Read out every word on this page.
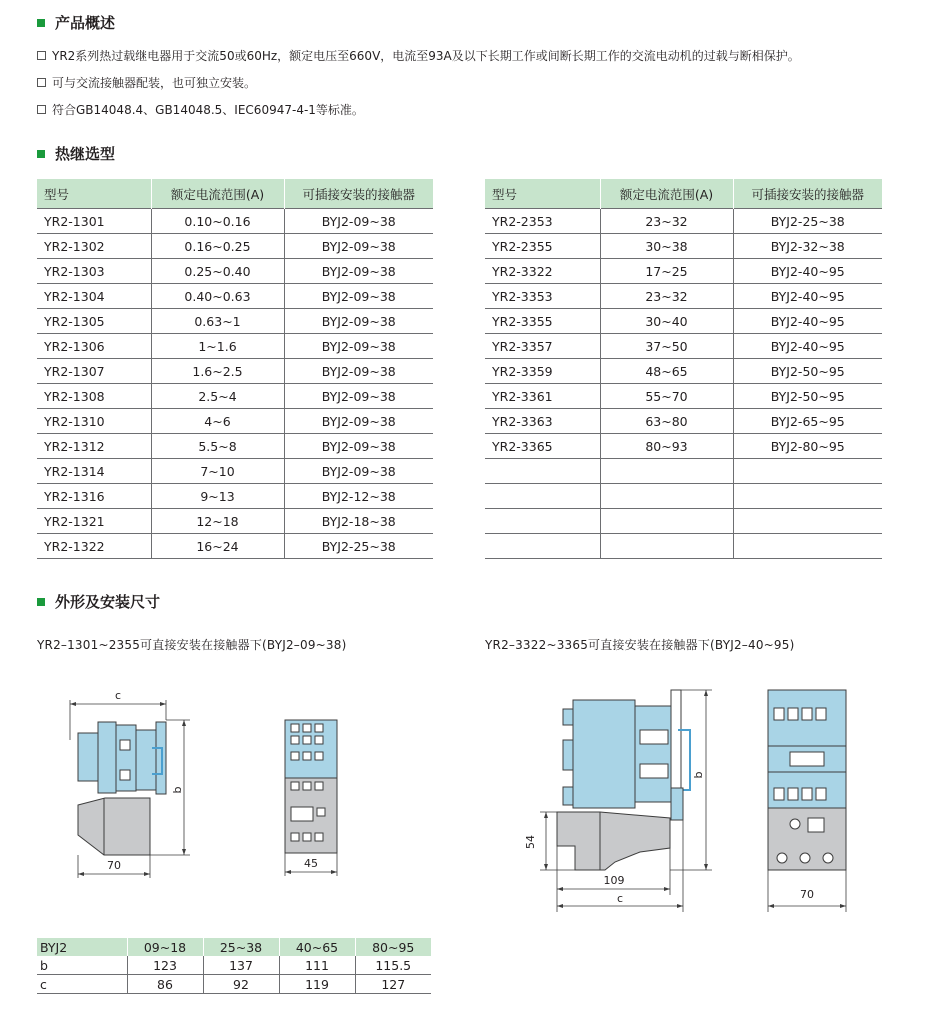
产品概述
YR2系列热过载继电器用于交流50或60Hz，额定电压至660V，电流至93A及以下长期工作或间断长期工作的交流电动机的过载与断相保护。
可与交流接触器配装，也可独立安装。
符合GB14048.4、GB14048.5、IEC60947-4-1等标准。
热继选型
型号	额定电流范围(A)	可插接安装的接触器
YR2-1301	0.10~0.16	BYJ2-09~38
YR2-1302	0.16~0.25	BYJ2-09~38
YR2-1303	0.25~0.40	BYJ2-09~38
YR2-1304	0.40~0.63	BYJ2-09~38
YR2-1305	0.63~1	BYJ2-09~38
YR2-1306	1~1.6	BYJ2-09~38
YR2-1307	1.6~2.5	BYJ2-09~38
YR2-1308	2.5~4	BYJ2-09~38
YR2-1310	4~6	BYJ2-09~38
YR2-1312	5.5~8	BYJ2-09~38
YR2-1314	7~10	BYJ2-09~38
YR2-1316	9~13	BYJ2-12~38
YR2-1321	12~18	BYJ2-18~38
YR2-1322	16~24	BYJ2-25~38
型号	额定电流范围(A)	可插接安装的接触器
YR2-2353	23~32	BYJ2-25~38
YR2-2355	30~38	BYJ2-32~38
YR2-3322	17~25	BYJ2-40~95
YR2-3353	23~32	BYJ2-40~95
YR2-3355	30~40	BYJ2-40~95
YR2-3357	37~50	BYJ2-40~95
YR2-3359	48~65	BYJ2-50~95
YR2-3361	55~70	BYJ2-50~95
YR2-3363	63~80	BYJ2-65~95
YR2-3365	80~93	BYJ2-80~95

外形及安装尺寸
YR2–1301~2355可直接安装在接触器下(BYJ2–09~38)	YR2–3322~3365可直接安装在接触器下(BYJ2–40~95)
c
b
70	45
54
b
109
c	70
BYJ2	09~18	25~38	40~65	80~95
b	123	137	111	115.5
c	86	92	119	127
